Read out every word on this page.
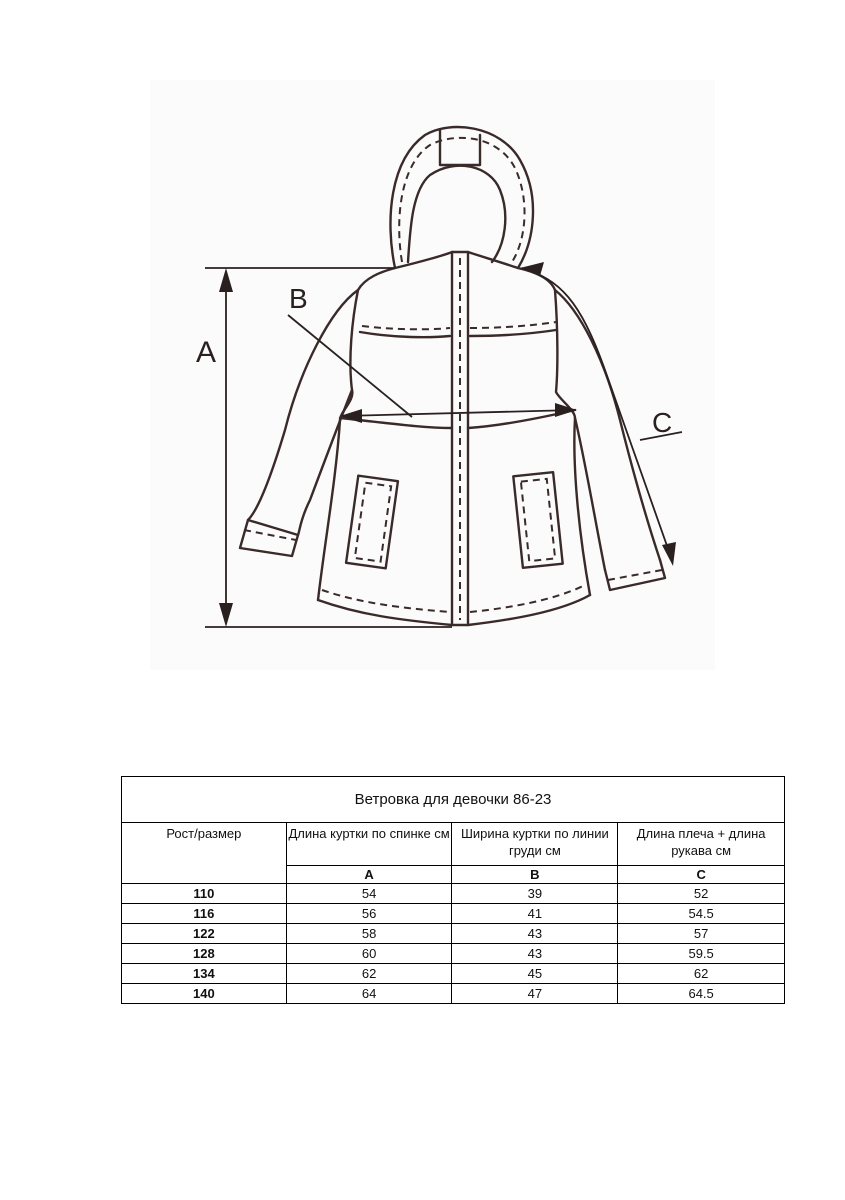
A
B
C
Ветровка для девочки 86-23			
Рост/размер	Длина куртки по спинке см	Ширина куртки по линии груди см	Длина плеча + длина рукава см
	A	B	C
110	54	39	52
116	56	41	54.5
122	58	43	57
128	60	43	59.5
134	62	45	62
140	64	47	64.5
